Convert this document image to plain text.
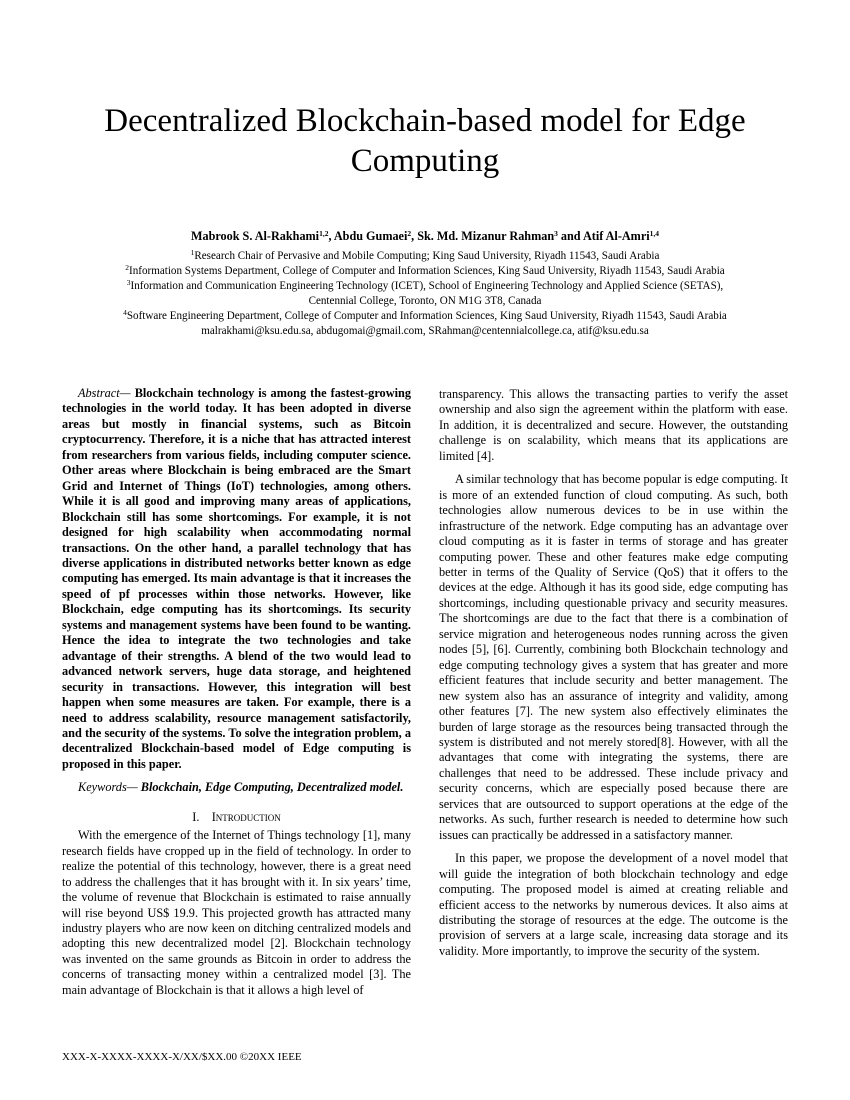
Decentralized Blockchain-based model for Edge Computing
Mabrook S. Al-Rakhami$^{1,2}$, Abdu Gumaei$^2$, Sk. Md. Mizanur Rahman$^3$ and Atif Al-Amri$^{1,4}$
$^1$Research Chair of Pervasive and Mobile Computing; King Saud University, Riyadh 11543, Saudi Arabia
$^2$Information Systems Department, College of Computer and Information Sciences, King Saud University, Riyadh 11543, Saudi Arabia
$^3$Information and Communication Engineering Technology (ICET), School of Engineering Technology and Applied Science (SETAS),
Centennial College, Toronto, ON M1G 3T8, Canada
$^4$Software Engineering Department, College of Computer and Information Sciences, King Saud University, Riyadh 11543, Saudi Arabia
malrakhami@ksu.edu.sa, abdugomai@gmail.com, SRahman@centennialcollege.ca, atif@ksu.edu.sa

Abstract— Blockchain technology is among the fastest-growing technologies in the world today. It has been adopted in diverse areas but mostly in financial systems, such as Bitcoin cryptocurrency. Therefore, it is a niche that has attracted interest from researchers from various fields, including computer science. Other areas where Blockchain is being embraced are the Smart Grid and Internet of Things (IoT) technologies, among others. While it is all good and improving many areas of applications, Blockchain still has some shortcomings. For example, it is not designed for high scalability when accommodating normal transactions. On the other hand, a parallel technology that has diverse applications in distributed networks better known as edge computing has emerged. Its main advantage is that it increases the speed of pf processes within those networks. However, like Blockchain, edge computing has its shortcomings. Its security systems and management systems have been found to be wanting. Hence the idea to integrate the two technologies and take advantage of their strengths. A blend of the two would lead to advanced network servers, huge data storage, and heightened security in transactions. However, this integration will best happen when some measures are taken. For example, there is a need to address scalability, resource management satisfactorily, and the security of the systems. To solve the integration problem, a decentralized Blockchain-based model of Edge computing is proposed in this paper.

Keywords— Blockchain, Edge Computing, Decentralized model.

I. Introduction

With the emergence of the Internet of Things technology [1], many research fields have cropped up in the field of technology. In order to realize the potential of this technology, however, there is a great need to address the challenges that it has brought with it. In six years’ time, the volume of revenue that Blockchain is estimated to raise annually will rise beyond US$ 19.9. This projected growth has attracted many industry players who are now keen on ditching centralized models and adopting this new decentralized model [2]. Blockchain technology was invented on the same grounds as Bitcoin in order to address the concerns of transacting money within a centralized model [3]. The main advantage of Blockchain is that it allows a high level of

transparency. This allows the transacting parties to verify the asset ownership and also sign the agreement within the platform with ease. In addition, it is decentralized and secure. However, the outstanding challenge is on scalability, which means that its applications are limited [4].

A similar technology that has become popular is edge computing. It is more of an extended function of cloud computing. As such, both technologies allow numerous devices to be in use within the infrastructure of the network. Edge computing has an advantage over cloud computing as it is faster in terms of storage and has greater computing power. These and other features make edge computing better in terms of the Quality of Service (QoS) that it offers to the devices at the edge. Although it has its good side, edge computing has shortcomings, including questionable privacy and security measures. The shortcomings are due to the fact that there is a combination of service migration and heterogeneous nodes running across the given nodes [5], [6]. Currently, combining both Blockchain technology and edge computing technology gives a system that has greater and more efficient features that include security and better management. The new system also has an assurance of integrity and validity, among other features [7]. The new system also effectively eliminates the burden of large storage as the resources being transacted through the system is distributed and not merely stored[8]. However, with all the advantages that come with integrating the systems, there are challenges that need to be addressed. These include privacy and security concerns, which are especially posed because there are services that are outsourced to support operations at the edge of the networks. As such, further research is needed to determine how such issues can practically be addressed in a satisfactory manner.

In this paper, we propose the development of a novel model that will guide the integration of both blockchain technology and edge computing. The proposed model is aimed at creating reliable and efficient access to the networks by numerous devices. It also aims at distributing the storage of resources at the edge. The outcome is the provision of servers at a large scale, increasing data storage and its validity. More importantly, to improve the security of the system.

XXX-X-XXXX-XXXX-X/XX/$XX.00 ©20XX IEEE
